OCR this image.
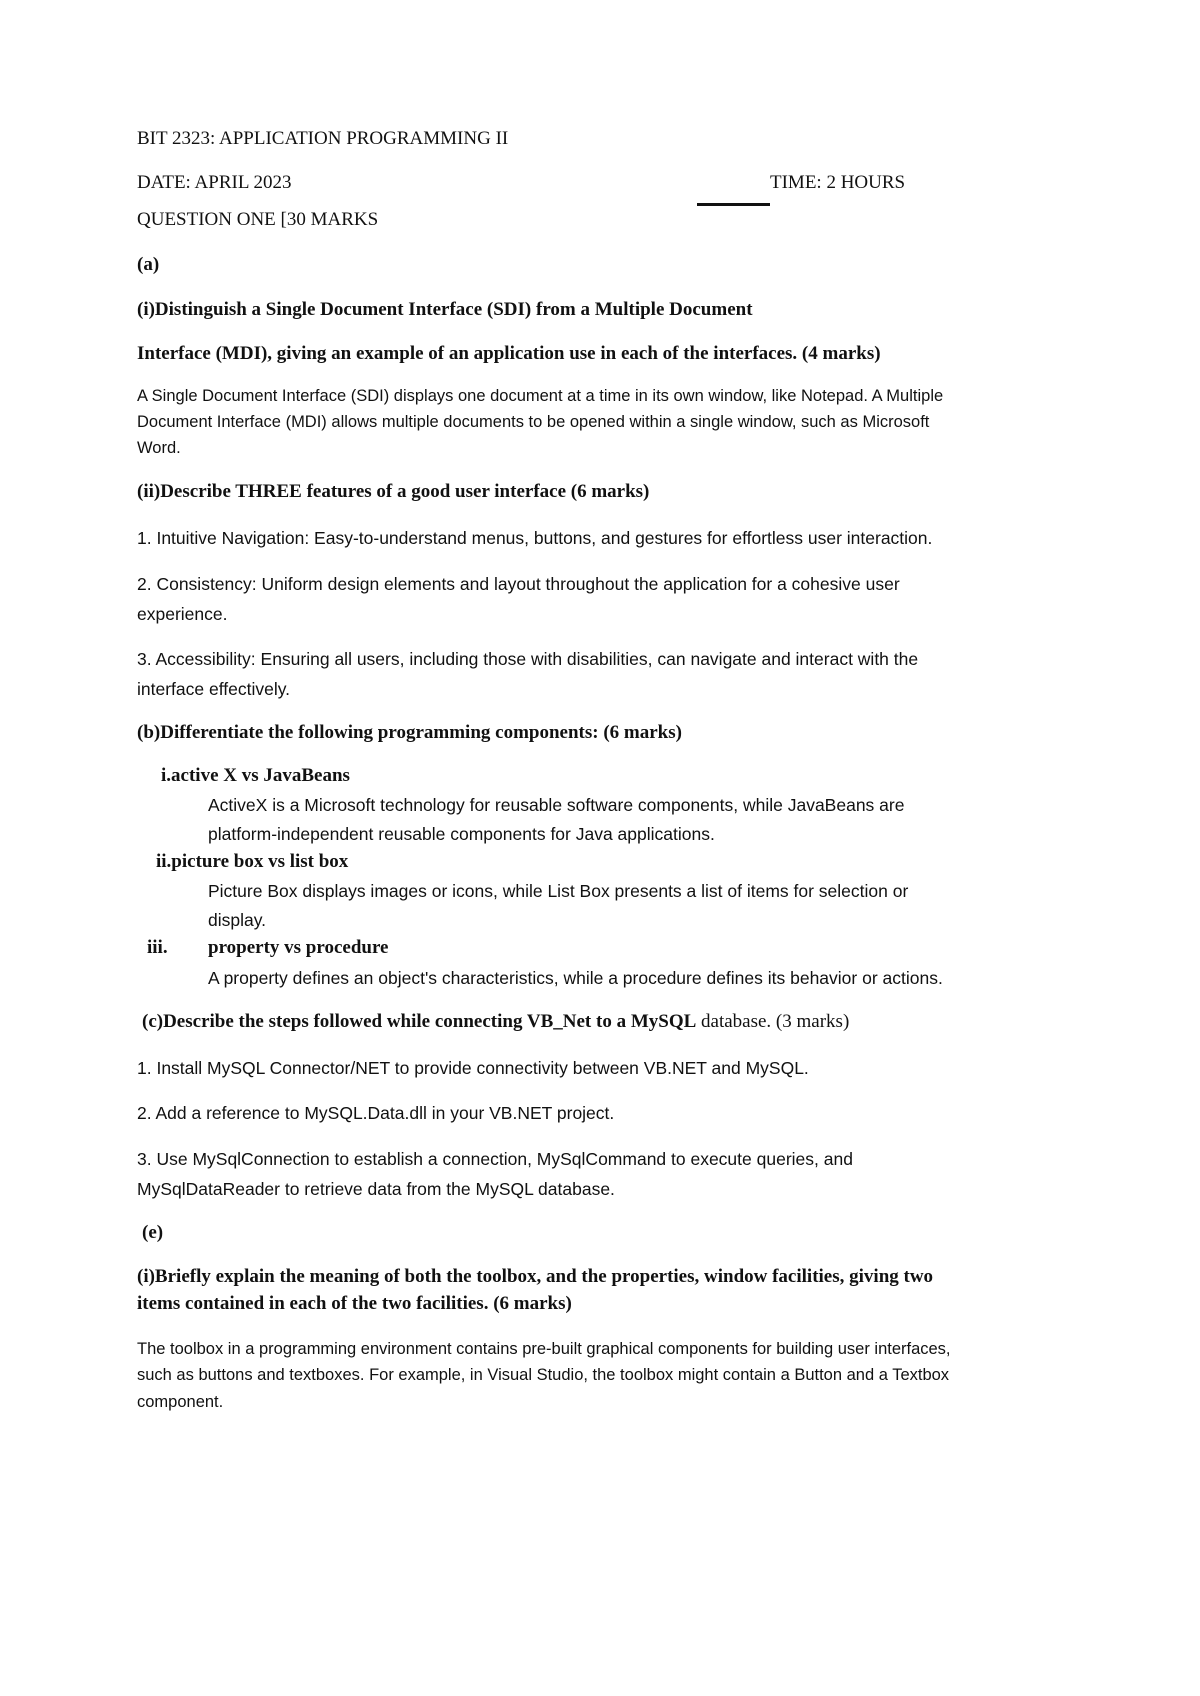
BIT 2323: APPLICATION PROGRAMMING II
DATE: APRIL 2023	TIME: 2 HOURS
QUESTION ONE [30 MARKS
(a)
(i)Distinguish a Single Document Interface (SDI) from a Multiple Document
Interface (MDI), giving an example of an application use in each of the interfaces. (4 marks)
A Single Document Interface (SDI) displays one document at a time in its own window, like Notepad. A Multiple
Document Interface (MDI) allows multiple documents to be opened within a single window, such as Microsoft
Word.
(ii)Describe THREE features of a good user interface (6 marks)
1. Intuitive Navigation: Easy-to-understand menus, buttons, and gestures for effortless user interaction.
2. Consistency: Uniform design elements and layout throughout the application for a cohesive user
experience.
3. Accessibility: Ensuring all users, including those with disabilities, can navigate and interact with the
interface effectively.
(b)Differentiate the following programming components: (6 marks)
i.active X vs JavaBeans
ActiveX is a Microsoft technology for reusable software components, while JavaBeans are
platform-independent reusable components for Java applications.
ii.picture box vs list box
Picture Box displays images or icons, while List Box presents a list of items for selection or
display.
iii. property vs procedure
A property defines an object's characteristics, while a procedure defines its behavior or actions.
(c)Describe the steps followed while connecting VB_Net to a MySQL database. (3 marks)
1. Install MySQL Connector/NET to provide connectivity between VB.NET and MySQL.
2. Add a reference to MySQL.Data.dll in your VB.NET project.
3. Use MySqlConnection to establish a connection, MySqlCommand to execute queries, and
MySqlDataReader to retrieve data from the MySQL database.
(e)
(i)Briefly explain the meaning of both the toolbox, and the properties, window facilities, giving two
items contained in each of the two facilities. (6 marks)
The toolbox in a programming environment contains pre-built graphical components for building user interfaces,
such as buttons and textboxes. For example, in Visual Studio, the toolbox might contain a Button and a Textbox
component.
